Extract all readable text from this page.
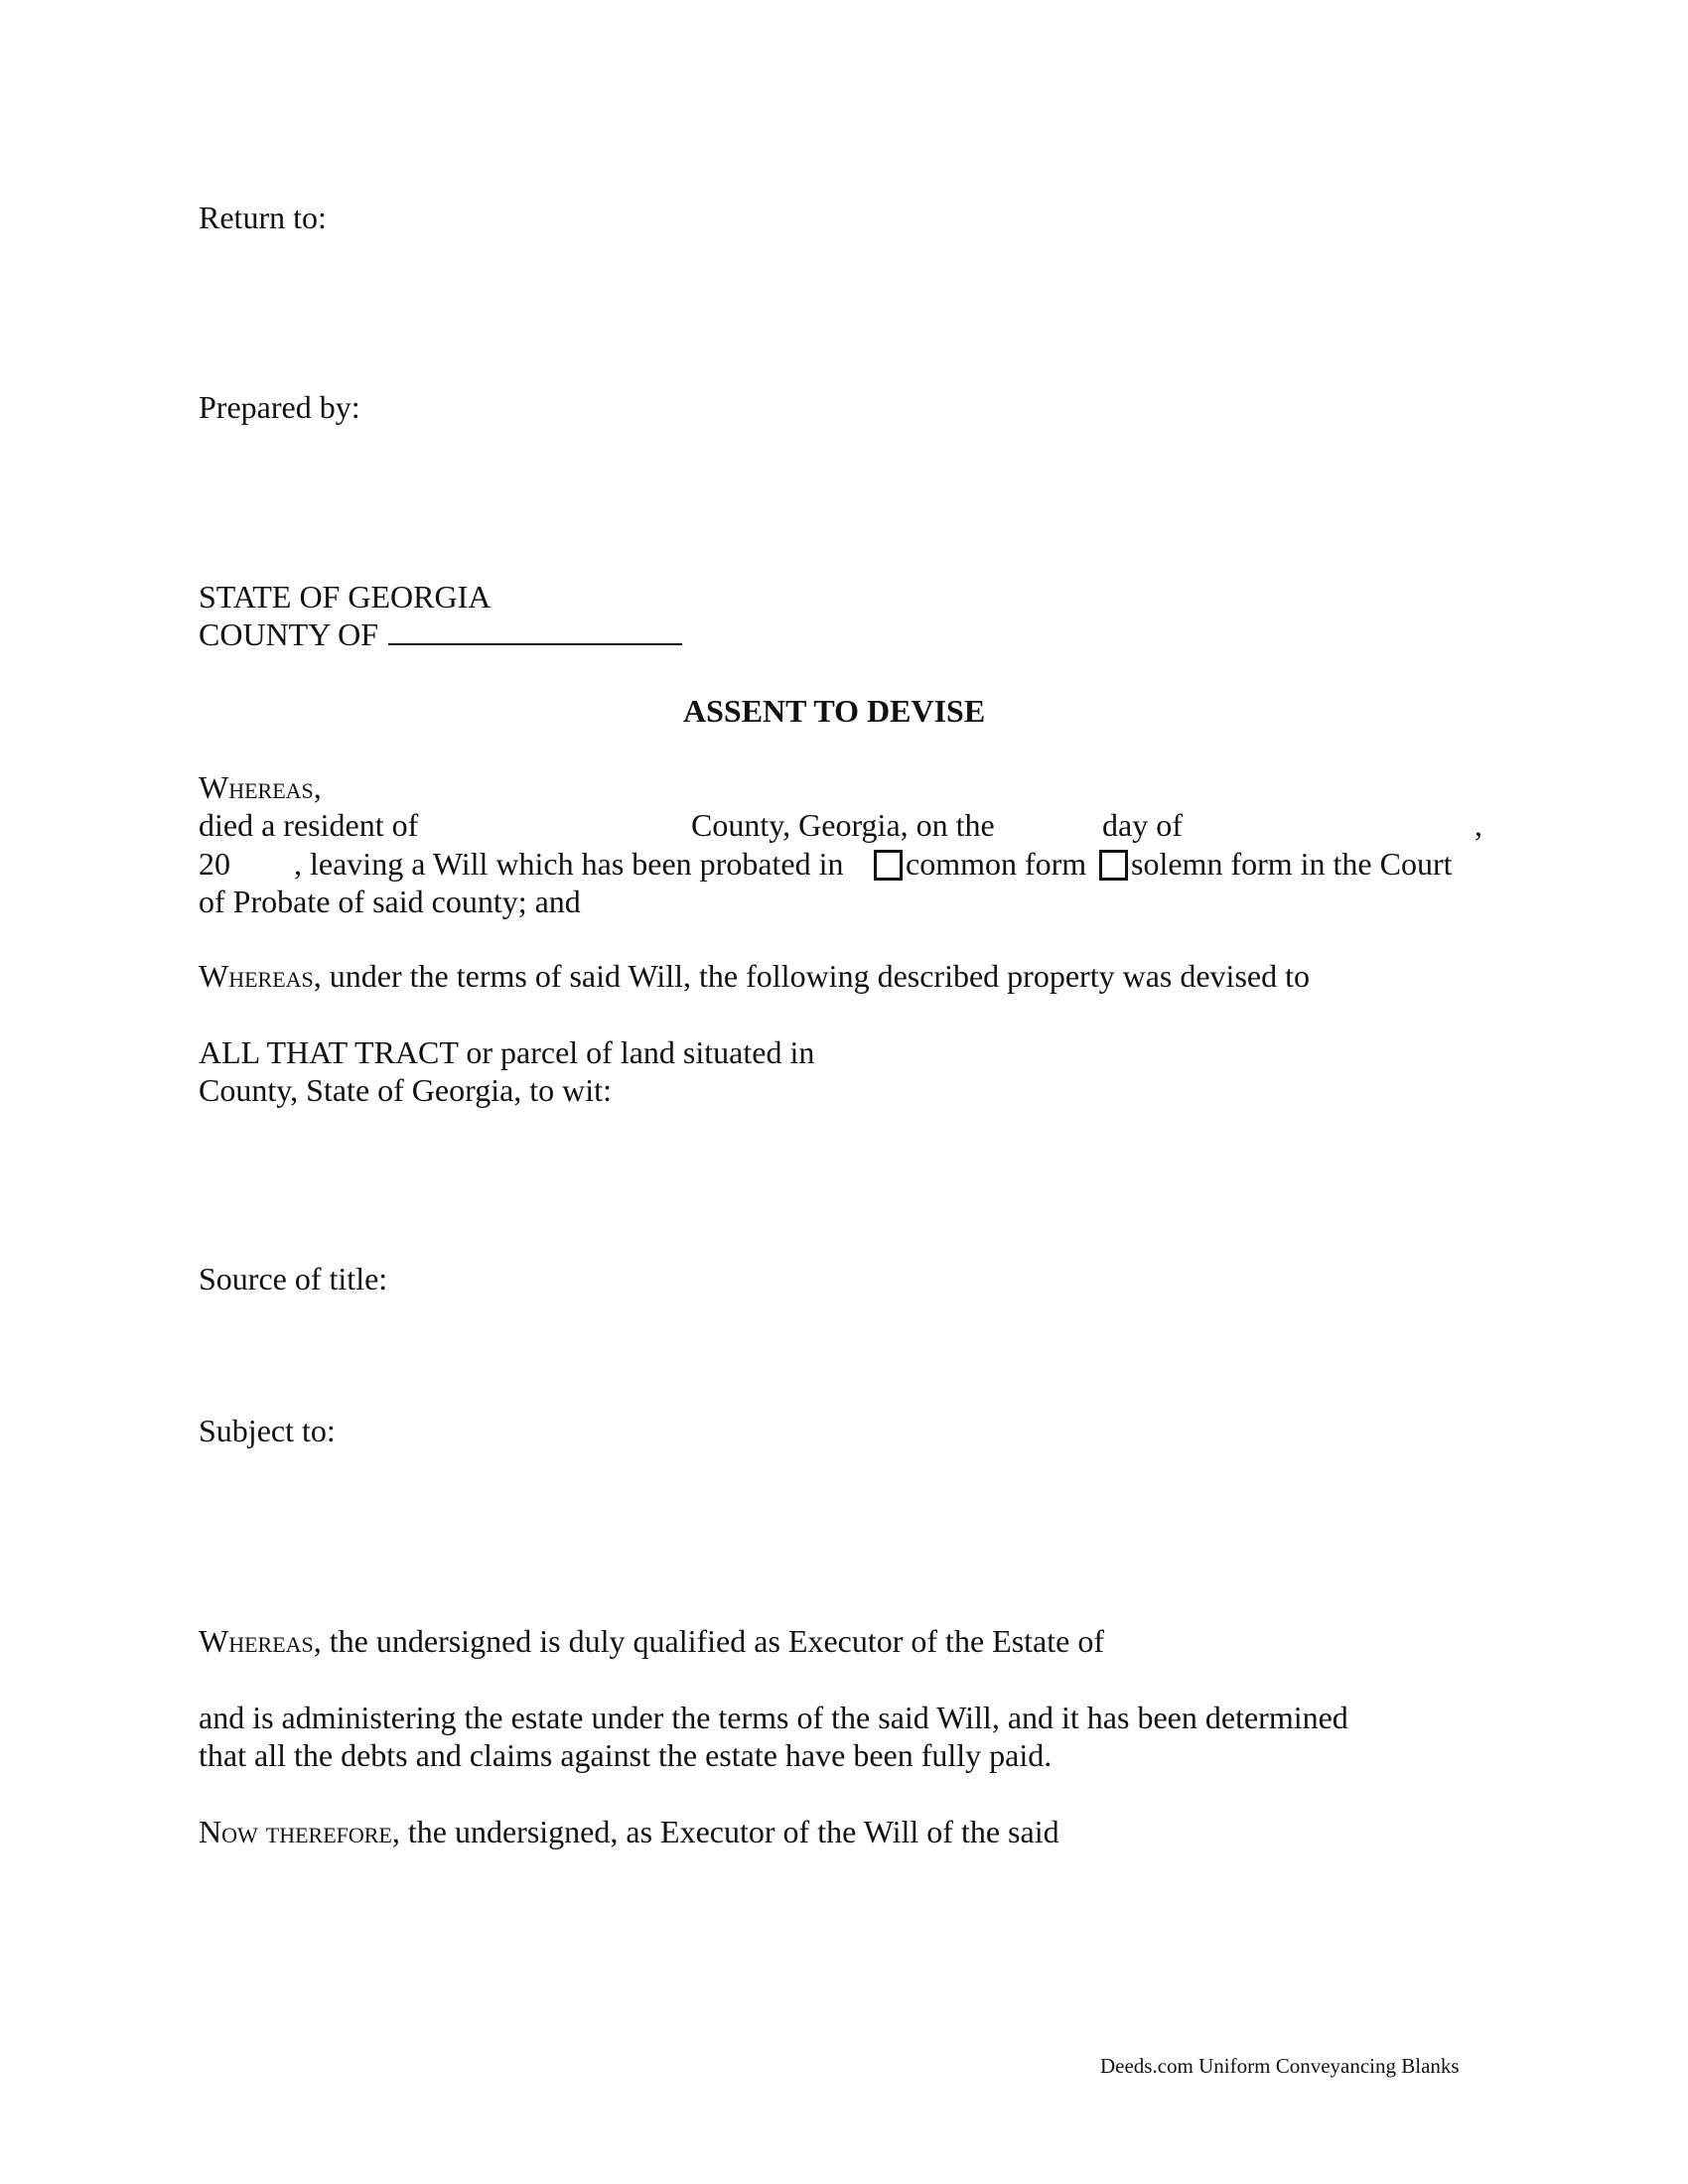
Return to:
Prepared by:
STATE OF GEORGIA
COUNTY OF
ASSENT TO DEVISE
Whereas,
died a resident of	County, Georgia, on the	day of	,
20 , leaving a Will which has been probated in common form solemn form in the Court
of Probate of said county; and
Whereas, under the terms of said Will, the following described property was devised to
ALL THAT TRACT or parcel of land situated in
County, State of Georgia, to wit:
Source of title:
Subject to:
Whereas, the undersigned is duly qualified as Executor of the Estate of
and is administering the estate under the terms of the said Will, and it has been determined
that all the debts and claims against the estate have been fully paid.
Now therefore, the undersigned, as Executor of the Will of the said
Deeds.com Uniform Conveyancing Blanks
